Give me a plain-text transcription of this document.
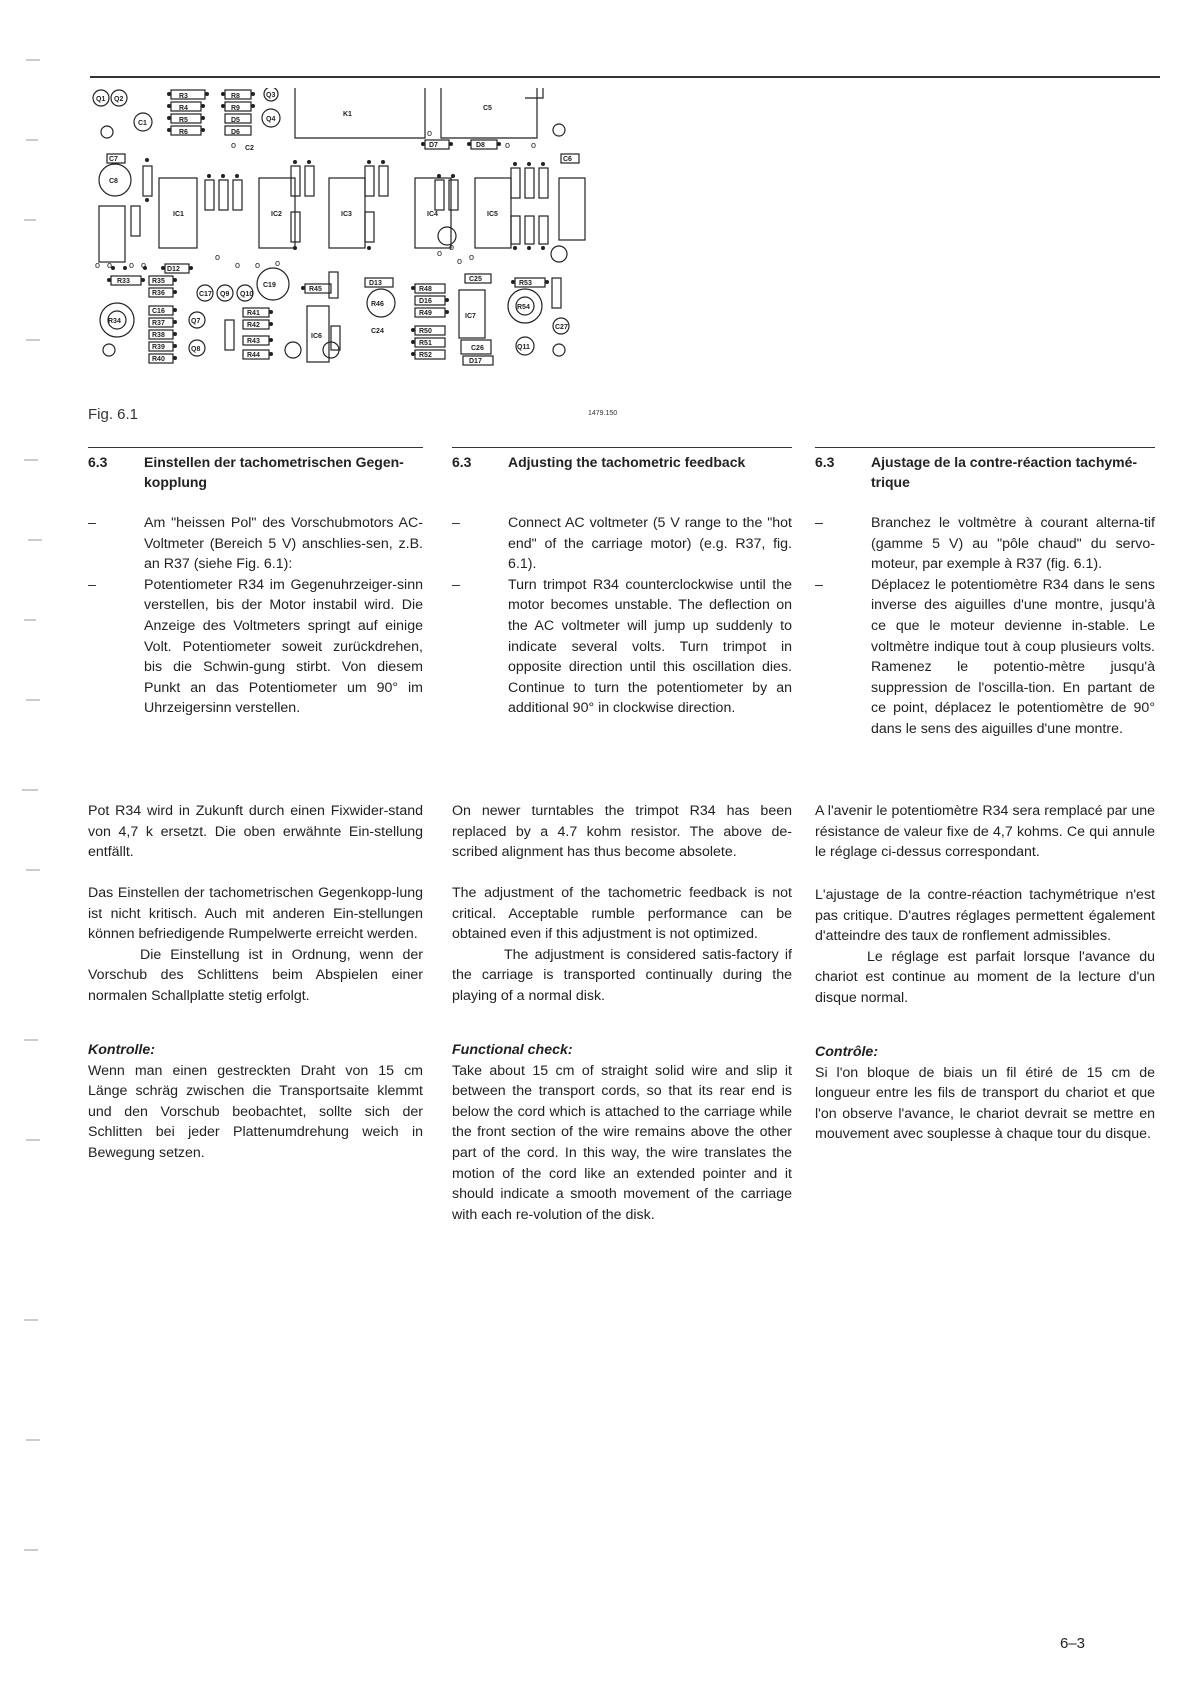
Q1 Q2
C1
R3
R4
R5
R6
R8
R9
D5
D6
Q3
Q4
C2
K1
C5
D7	D8
C6
C7
C8
IC1	IC2	IC3	IC4	IC5
IC6
IC7
D12
R33	R35
R36
R34
C16
R37
R38
R39
R40
C17 Q9 Q10
C19
Q7
Q8
R41
R42
R43
R44
R45
D13
R46
C24
R48
D16
R49
R50
R51
R52
C25
C26
D17
R53
R54
C27
Q11
o
o
o
o
o o o
o
o o
o o o o
o o
Fig. 6.1	1479.150
6.3	Einstellen der tachometrischen Gegen-kopplung
–	Am "heissen Pol" des Vorschubmotors AC-Voltmeter (Bereich 5 V) anschlies-sen, z.B. an R37 (siehe Fig. 6.1):
–	Potentiometer R34 im Gegenuhrzeiger-sinn verstellen, bis der Motor instabil wird. Die Anzeige des Voltmeters springt auf einige Volt. Potentiometer soweit zurückdrehen, bis die Schwin-gung stirbt. Von diesem Punkt an das Potentiometer um 90° im Uhrzeigersinn verstellen.

Pot R34 wird in Zukunft durch einen Fixwider-stand von 4,7 k ersetzt. Die oben erwähnte Ein-stellung entfällt.

Das Einstellen der tachometrischen Gegenkopp-lung ist nicht kritisch. Auch mit anderen Ein-stellungen können befriedigende Rumpelwerte erreicht werden.

Die Einstellung ist in Ordnung, wenn der Vorschub des Schlittens beim Abspielen einer normalen Schallplatte stetig erfolgt.

Kontrolle:

Wenn man einen gestreckten Draht von 15 cm Länge schräg zwischen die Transportsaite klemmt und den Vorschub beobachtet, sollte sich der Schlitten bei jeder Plattenumdrehung weich in Bewegung setzen.

6.3	Adjusting the tachometric feedback
–	Connect AC voltmeter (5 V range to the "hot end" of the carriage motor) (e.g. R37, fig. 6.1).
–	Turn trimpot R34 counterclockwise until the motor becomes unstable. The deflection on the AC voltmeter will jump up suddenly to indicate several volts. Turn trimpot in opposite direction until this oscillation dies. Continue to turn the potentiometer by an additional 90° in clockwise direction.

On newer turntables the trimpot R34 has been replaced by a 4.7 kohm resistor. The above de-scribed alignment has thus become absolete.

The adjustment of the tachometric feedback is not critical. Acceptable rumble performance can be obtained even if this adjustment is not optimized.

The adjustment is considered satis-factory if the carriage is transported continually during the playing of a normal disk.

Functional check:

Take about 15 cm of straight solid wire and slip it between the transport cords, so that its rear end is below the cord which is attached to the carriage while the front section of the wire remains above the other part of the cord. In this way, the wire translates the motion of the cord like an extended pointer and it should indicate a smooth movement of the carriage with each re-volution of the disk.

6.3	Ajustage de la contre-réaction tachymé-trique
–	Branchez le voltmètre à courant alterna-tif (gamme 5 V) au "pôle chaud" du servo-moteur, par exemple à R37 (fig. 6.1).
–	Déplacez le potentiomètre R34 dans le sens inverse des aiguilles d'une montre, jusqu'à ce que le moteur devienne in-stable. Le voltmètre indique tout à coup plusieurs volts. Ramenez le potentio-mètre jusqu'à suppression de l'oscilla-tion. En partant de ce point, déplacez le potentiomètre de 90° dans le sens des aiguilles d'une montre.

A l'avenir le potentiomètre R34 sera remplacé par une résistance de valeur fixe de 4,7 kohms. Ce qui annule le réglage ci-dessus correspondant.

L'ajustage de la contre-réaction tachymétrique n'est pas critique. D'autres réglages permettent également d'atteindre des taux de ronflement admissibles.

Le réglage est parfait lorsque l'avance du chariot est continue au moment de la lecture d'un disque normal.

Contrôle:

Si l'on bloque de biais un fil étiré de 15 cm de longueur entre les fils de transport du chariot et que l'on observe l'avance, le chariot devrait se mettre en mouvement avec souplesse à chaque tour du disque.

6–3
